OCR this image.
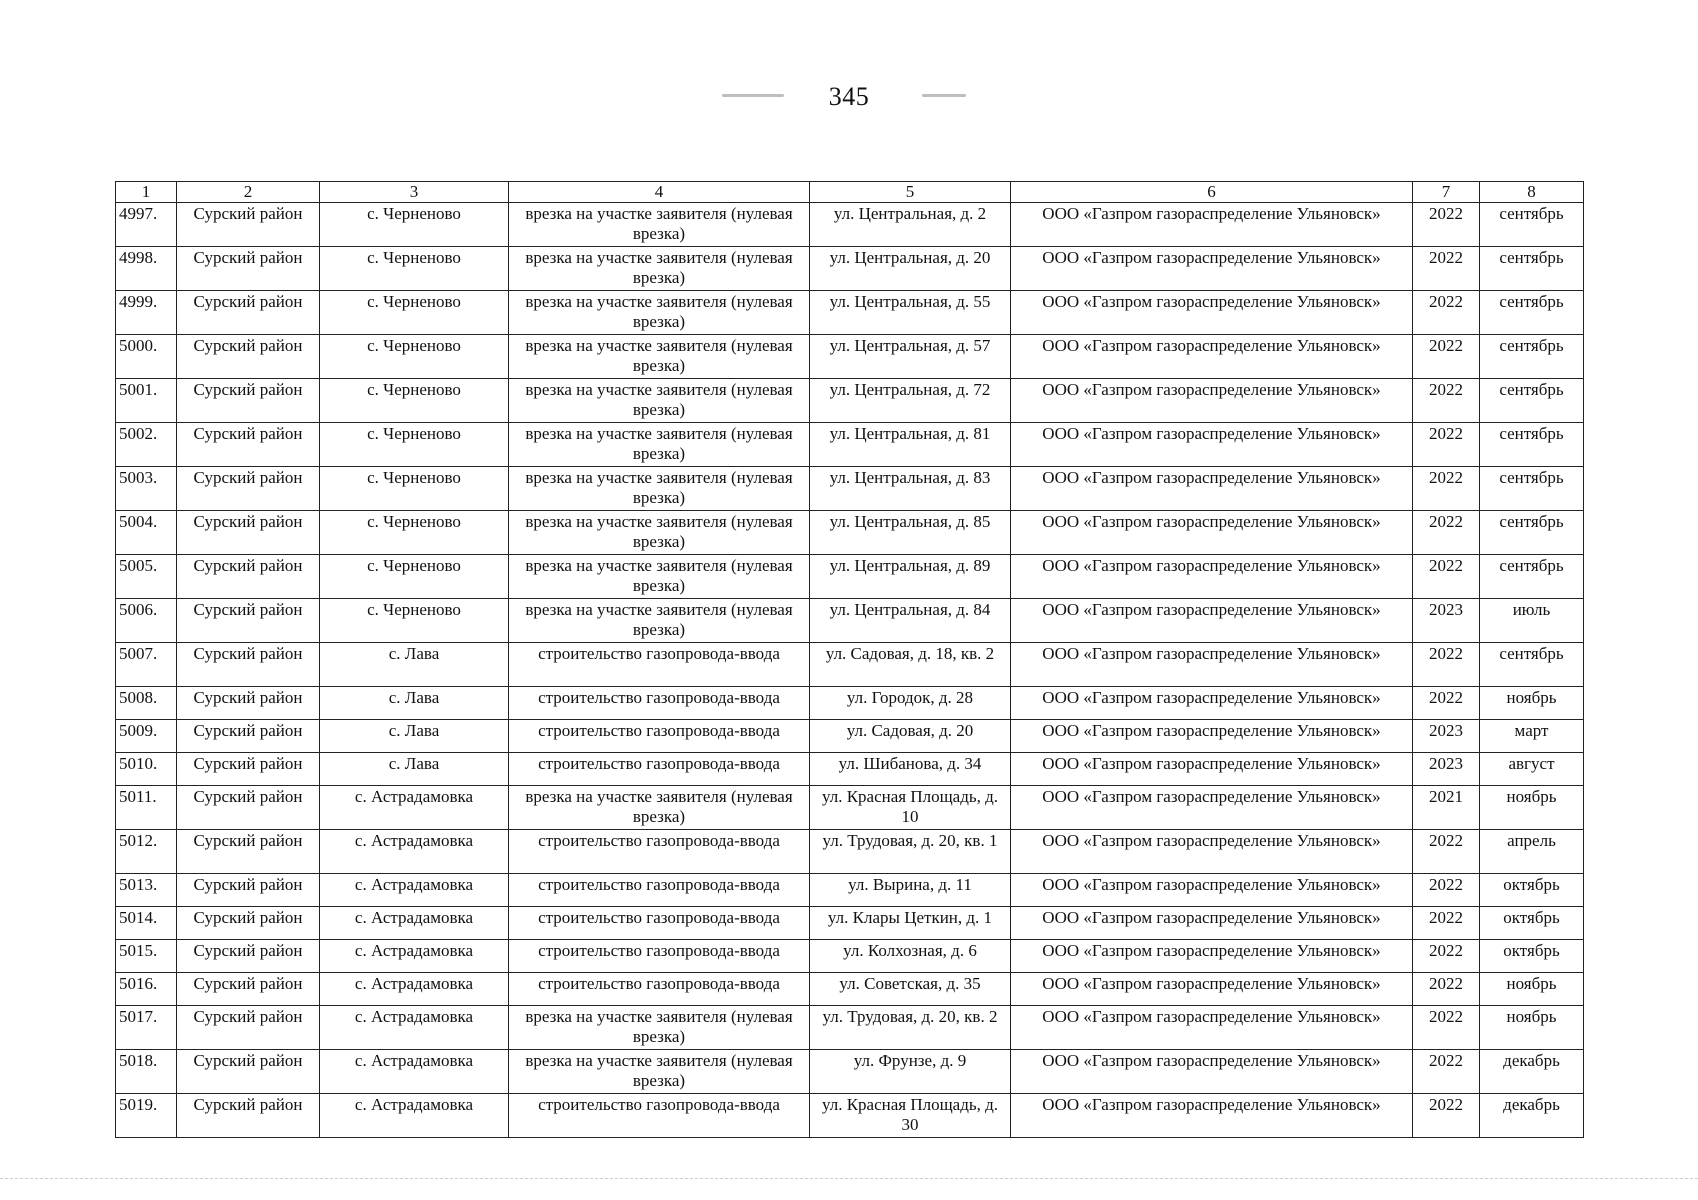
345
1	2	3	4	5	6	7	8
4997.	Сурский район	с. Черненово	врезка на участке заявителя (нулевая врезка)	ул. Центральная, д. 2	ООО «Газпром газораспределение Ульяновск»	2022	сентябрь
4998.	Сурский район	с. Черненово	врезка на участке заявителя (нулевая врезка)	ул. Центральная, д. 20	ООО «Газпром газораспределение Ульяновск»	2022	сентябрь
4999.	Сурский район	с. Черненово	врезка на участке заявителя (нулевая врезка)	ул. Центральная, д. 55	ООО «Газпром газораспределение Ульяновск»	2022	сентябрь
5000.	Сурский район	с. Черненово	врезка на участке заявителя (нулевая врезка)	ул. Центральная, д. 57	ООО «Газпром газораспределение Ульяновск»	2022	сентябрь
5001.	Сурский район	с. Черненово	врезка на участке заявителя (нулевая врезка)	ул. Центральная, д. 72	ООО «Газпром газораспределение Ульяновск»	2022	сентябрь
5002.	Сурский район	с. Черненово	врезка на участке заявителя (нулевая врезка)	ул. Центральная, д. 81	ООО «Газпром газораспределение Ульяновск»	2022	сентябрь
5003.	Сурский район	с. Черненово	врезка на участке заявителя (нулевая врезка)	ул. Центральная, д. 83	ООО «Газпром газораспределение Ульяновск»	2022	сентябрь
5004.	Сурский район	с. Черненово	врезка на участке заявителя (нулевая врезка)	ул. Центральная, д. 85	ООО «Газпром газораспределение Ульяновск»	2022	сентябрь
5005.	Сурский район	с. Черненово	врезка на участке заявителя (нулевая врезка)	ул. Центральная, д. 89	ООО «Газпром газораспределение Ульяновск»	2022	сентябрь
5006.	Сурский район	с. Черненово	врезка на участке заявителя (нулевая врезка)	ул. Центральная, д. 84	ООО «Газпром газораспределение Ульяновск»	2023	июль
5007.	Сурский район	с. Лава	строительство газопровода-ввода	ул. Садовая, д. 18, кв. 2	ООО «Газпром газораспределение Ульяновск»	2022	сентябрь
5008.	Сурский район	с. Лава	строительство газопровода-ввода	ул. Городок, д. 28	ООО «Газпром газораспределение Ульяновск»	2022	ноябрь
5009.	Сурский район	с. Лава	строительство газопровода-ввода	ул. Садовая, д. 20	ООО «Газпром газораспределение Ульяновск»	2023	март
5010.	Сурский район	с. Лава	строительство газопровода-ввода	ул. Шибанова, д. 34	ООО «Газпром газораспределение Ульяновск»	2023	август
5011.	Сурский район	с. Астрадамовка	врезка на участке заявителя (нулевая врезка)	ул. Красная Площадь, д. 10	ООО «Газпром газораспределение Ульяновск»	2021	ноябрь
5012.	Сурский район	с. Астрадамовка	строительство газопровода-ввода	ул. Трудовая, д. 20, кв. 1	ООО «Газпром газораспределение Ульяновск»	2022	апрель
5013.	Сурский район	с. Астрадамовка	строительство газопровода-ввода	ул. Вырина, д. 11	ООО «Газпром газораспределение Ульяновск»	2022	октябрь
5014.	Сурский район	с. Астрадамовка	строительство газопровода-ввода	ул. Клары Цеткин, д. 1	ООО «Газпром газораспределение Ульяновск»	2022	октябрь
5015.	Сурский район	с. Астрадамовка	строительство газопровода-ввода	ул. Колхозная, д. 6	ООО «Газпром газораспределение Ульяновск»	2022	октябрь
5016.	Сурский район	с. Астрадамовка	строительство газопровода-ввода	ул. Советская, д. 35	ООО «Газпром газораспределение Ульяновск»	2022	ноябрь
5017.	Сурский район	с. Астрадамовка	врезка на участке заявителя (нулевая врезка)	ул. Трудовая, д. 20, кв. 2	ООО «Газпром газораспределение Ульяновск»	2022	ноябрь
5018.	Сурский район	с. Астрадамовка	врезка на участке заявителя (нулевая врезка)	ул. Фрунзе, д. 9	ООО «Газпром газораспределение Ульяновск»	2022	декабрь
5019.	Сурский район	с. Астрадамовка	строительство газопровода-ввода	ул. Красная Площадь, д. 30	ООО «Газпром газораспределение Ульяновск»	2022	декабрь
